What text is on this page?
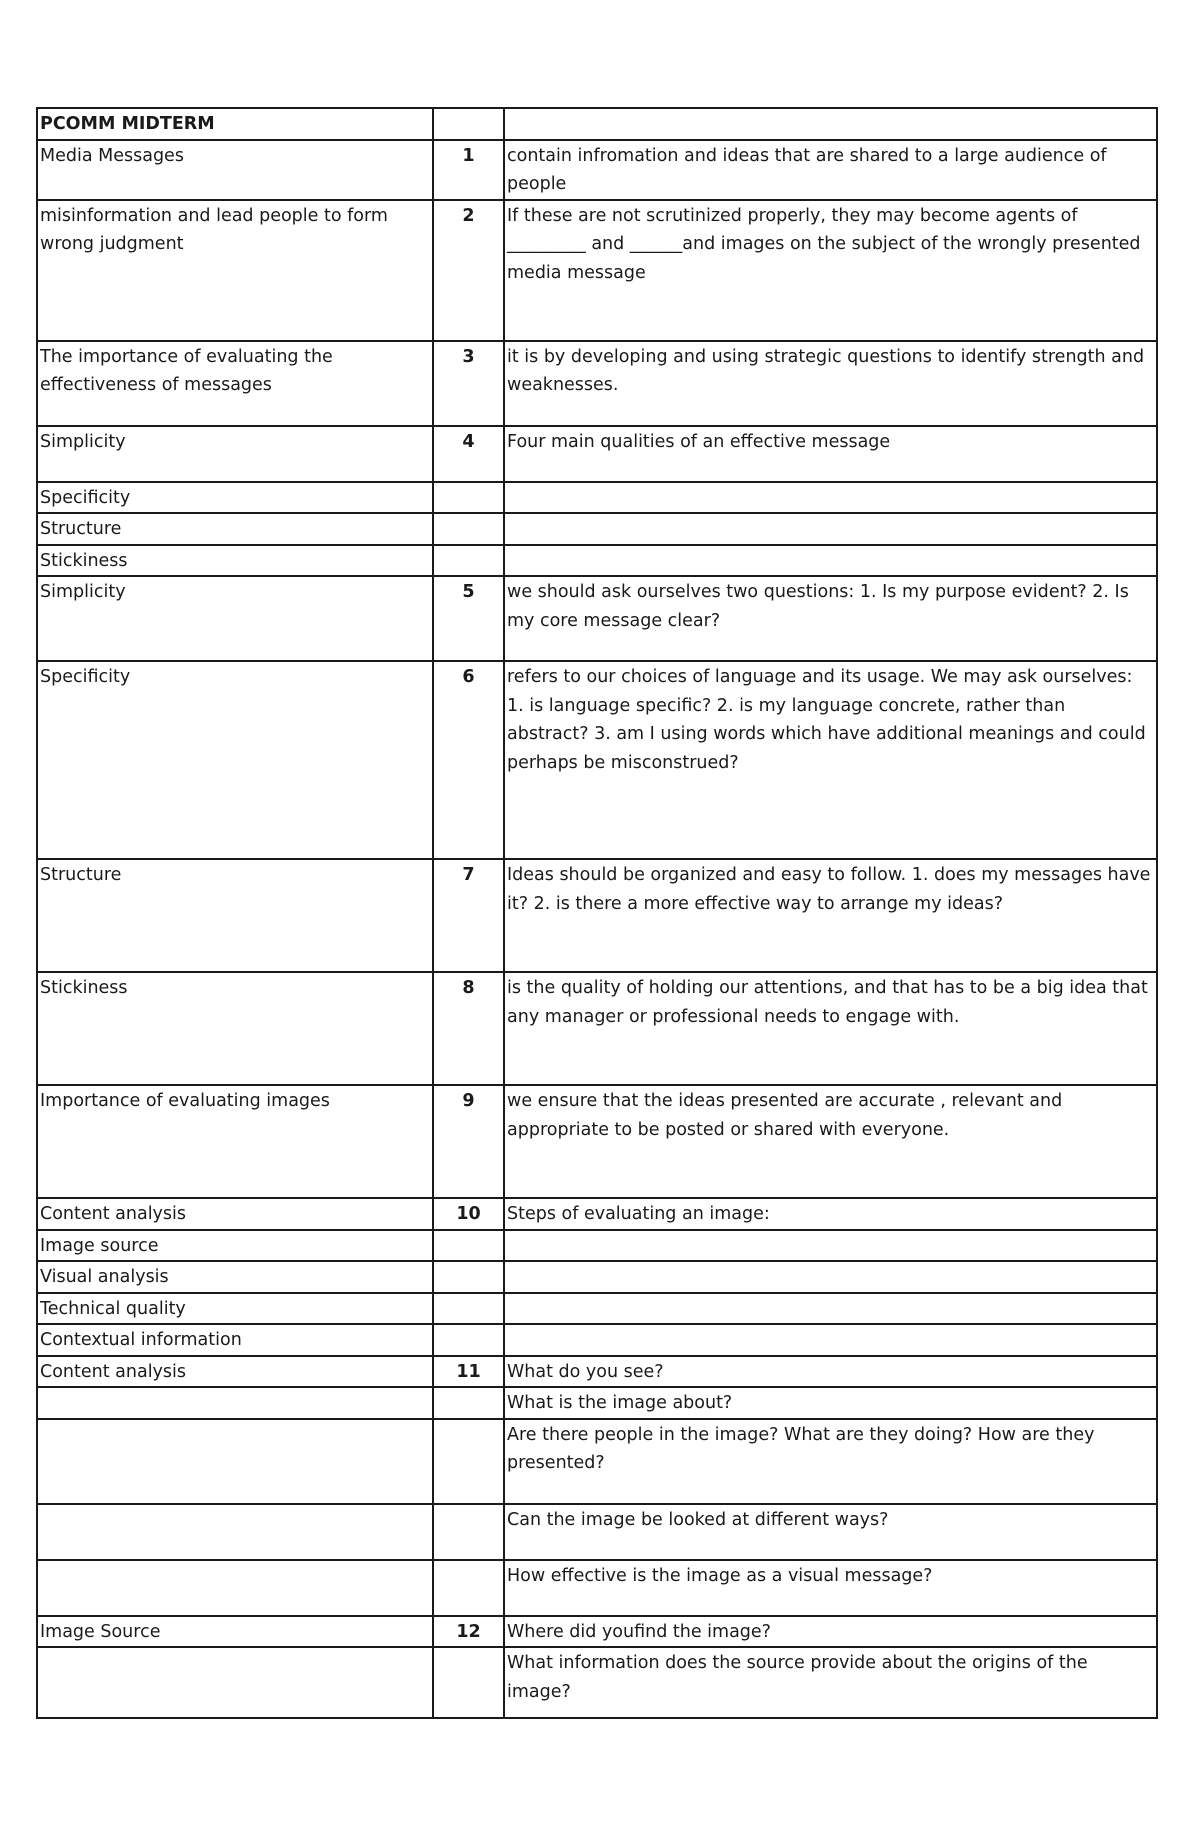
PCOMM MIDTERM		
Media Messages	1	contain infromation and ideas that are shared to a large audience of people
misinformation and lead people to form wrong judgment	2	If these are not scrutinized properly, they may become agents of _________ and ______and images on the subject of the wrongly presented media message
The importance of evaluating the effectiveness of messages	3	it is by developing and using strategic questions to identify strength and weaknesses.
Simplicity	4	Four main qualities of an effective message
Specificity		
Structure		
Stickiness		
Simplicity	5	we should ask ourselves two questions: 1. Is my purpose evident? 2. Is my core message clear?
Specificity	6	refers to our choices of language and its usage. We may ask ourselves: 1. is language specific? 2. is my language concrete, rather than abstract? 3. am I using words which have additional meanings and could perhaps be misconstrued?
Structure	7	Ideas should be organized and easy to follow. 1. does my messages have it? 2. is there a more effective way to arrange my ideas?
Stickiness	8	is the quality of holding our attentions, and that has to be a big idea that any manager or professional needs to engage with.
Importance of evaluating images	9	we ensure that the ideas presented are accurate , relevant and appropriate to be posted or shared with everyone.
Content analysis	10	Steps of evaluating an image:
Image source		
Visual analysis		
Technical quality		
Contextual information		
Content analysis	11	What do you see?
		What is the image about?
		Are there people in the image? What are they doing? How are they presented?
		Can the image be looked at different ways?
		How effective is the image as a visual message?
Image Source	12	Where did youfind the image?
		What information does the source provide about the origins of the image?
